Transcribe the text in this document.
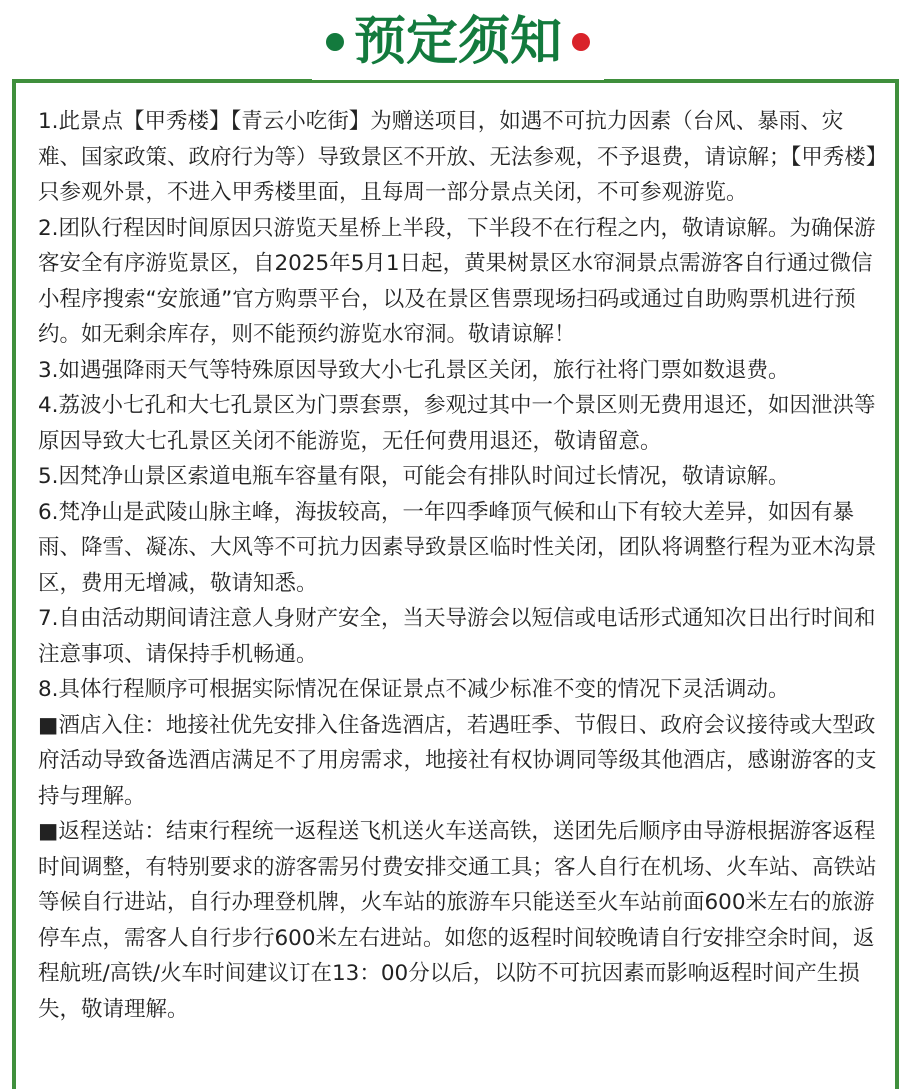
预定须知

1.此景点【甲秀楼】【青云小吃街】为赠送项目，如遇不可抗力因素（台风、暴雨、灾难、国家政策、政府行为等）导致景区不开放、无法参观，不予退费，请谅解；【甲秀楼】只参观外景，不进入甲秀楼里面，且每周一部分景点关闭，不可参观游览。

2.团队行程因时间原因只游览天星桥上半段，下半段不在行程之内，敬请谅解。为确保游客安全有序游览景区，自2025年5月1日起，黄果树景区水帘洞景点需游客自行通过微信小程序搜索“安旅通”官方购票平台，以及在景区售票现场扫码或通过自助购票机进行预约。如无剩余库存，则不能预约游览水帘洞。敬请谅解！

3.如遇强降雨天气等特殊原因导致大小七孔景区关闭，旅行社将门票如数退费。

4.荔波小七孔和大七孔景区为门票套票，参观过其中一个景区则无费用退还，如因泄洪等原因导致大七孔景区关闭不能游览，无任何费用退还，敬请留意。

5.因梵净山景区索道电瓶车容量有限，可能会有排队时间过长情况，敬请谅解。

6.梵净山是武陵山脉主峰，海拔较高，一年四季峰顶气候和山下有较大差异，如因有暴雨、降雪、凝冻、大风等不可抗力因素导致景区临时性关闭，团队将调整行程为亚木沟景区，费用无增减，敬请知悉。

7.自由活动期间请注意人身财产安全，当天导游会以短信或电话形式通知次日出行时间和注意事项、请保持手机畅通。

8.具体行程顺序可根据实际情况在保证景点不减少标准不变的情况下灵活调动。

■酒店入住：地接社优先安排入住备选酒店，若遇旺季、节假日、政府会议接待或大型政府活动导致备选酒店满足不了用房需求，地接社有权协调同等级其他酒店，感谢游客的支持与理解。

■返程送站：结束行程统一返程送飞机送火车送高铁，送团先后顺序由导游根据游客返程时间调整，有特别要求的游客需另付费安排交通工具；客人自行在机场、火车站、高铁站等候自行进站，自行办理登机牌，火车站的旅游车只能送至火车站前面600米左右的旅游停车点，需客人自行步行600米左右进站。如您的返程时间较晚请自行安排空余时间，返程航班/高铁/火车时间建议订在13：00分以后，以防不可抗因素而影响返程时间产生损失，敬请理解。
